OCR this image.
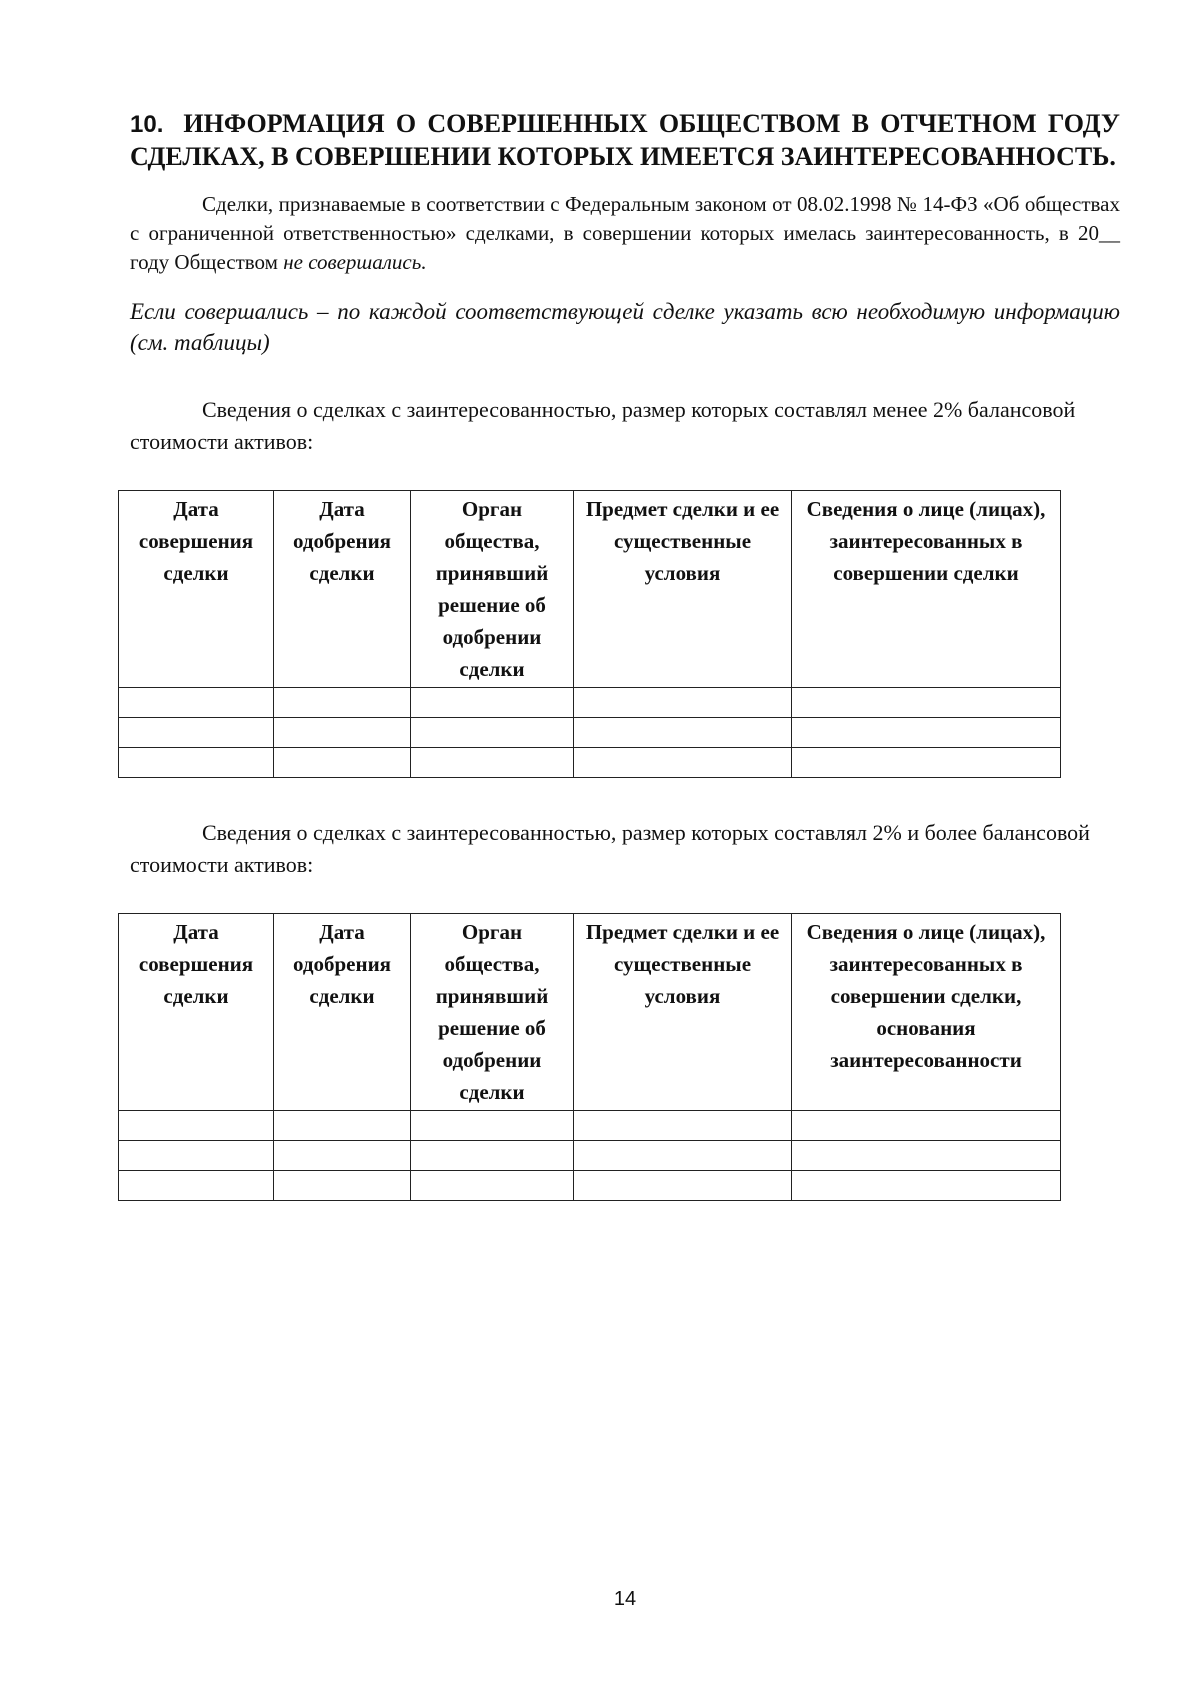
10. ИНФОРМАЦИЯ О СОВЕРШЕННЫХ ОБЩЕСТВОМ В ОТЧЕТНОМ ГОДУ СДЕЛКАХ, В СОВЕРШЕНИИ КОТОРЫХ ИМЕЕТСЯ ЗАИНТЕРЕСОВАННОСТЬ.
Сделки, признаваемые в соответствии с Федеральным законом от 08.02.1998 № 14-ФЗ «Об обществах с ограниченной ответственностью» сделками, в совершении которых имелась заинтересованность, в 20__ году Обществом не совершались.
Если совершались – по каждой соответствующей сделке указать всю необходимую информацию (см. таблицы)
Сведения о сделках с заинтересованностью, размер которых составлял менее 2% балансовой стоимости активов:
Дата совершения сделки	Дата одобрения сделки	Орган общества, принявший решение об одобрении сделки	Предмет сделки и ее существенные условия	Сведения о лице (лицах), заинтересованных в совершении сделки

Сведения о сделках с заинтересованностью, размер которых составлял 2% и более балансовой стоимости активов:
Дата совершения сделки	Дата одобрения сделки	Орган общества, принявший решение об одобрении сделки	Предмет сделки и ее существенные условия	Сведения о лице (лицах), заинтересованных в совершении сделки, основания заинтересованности

14
